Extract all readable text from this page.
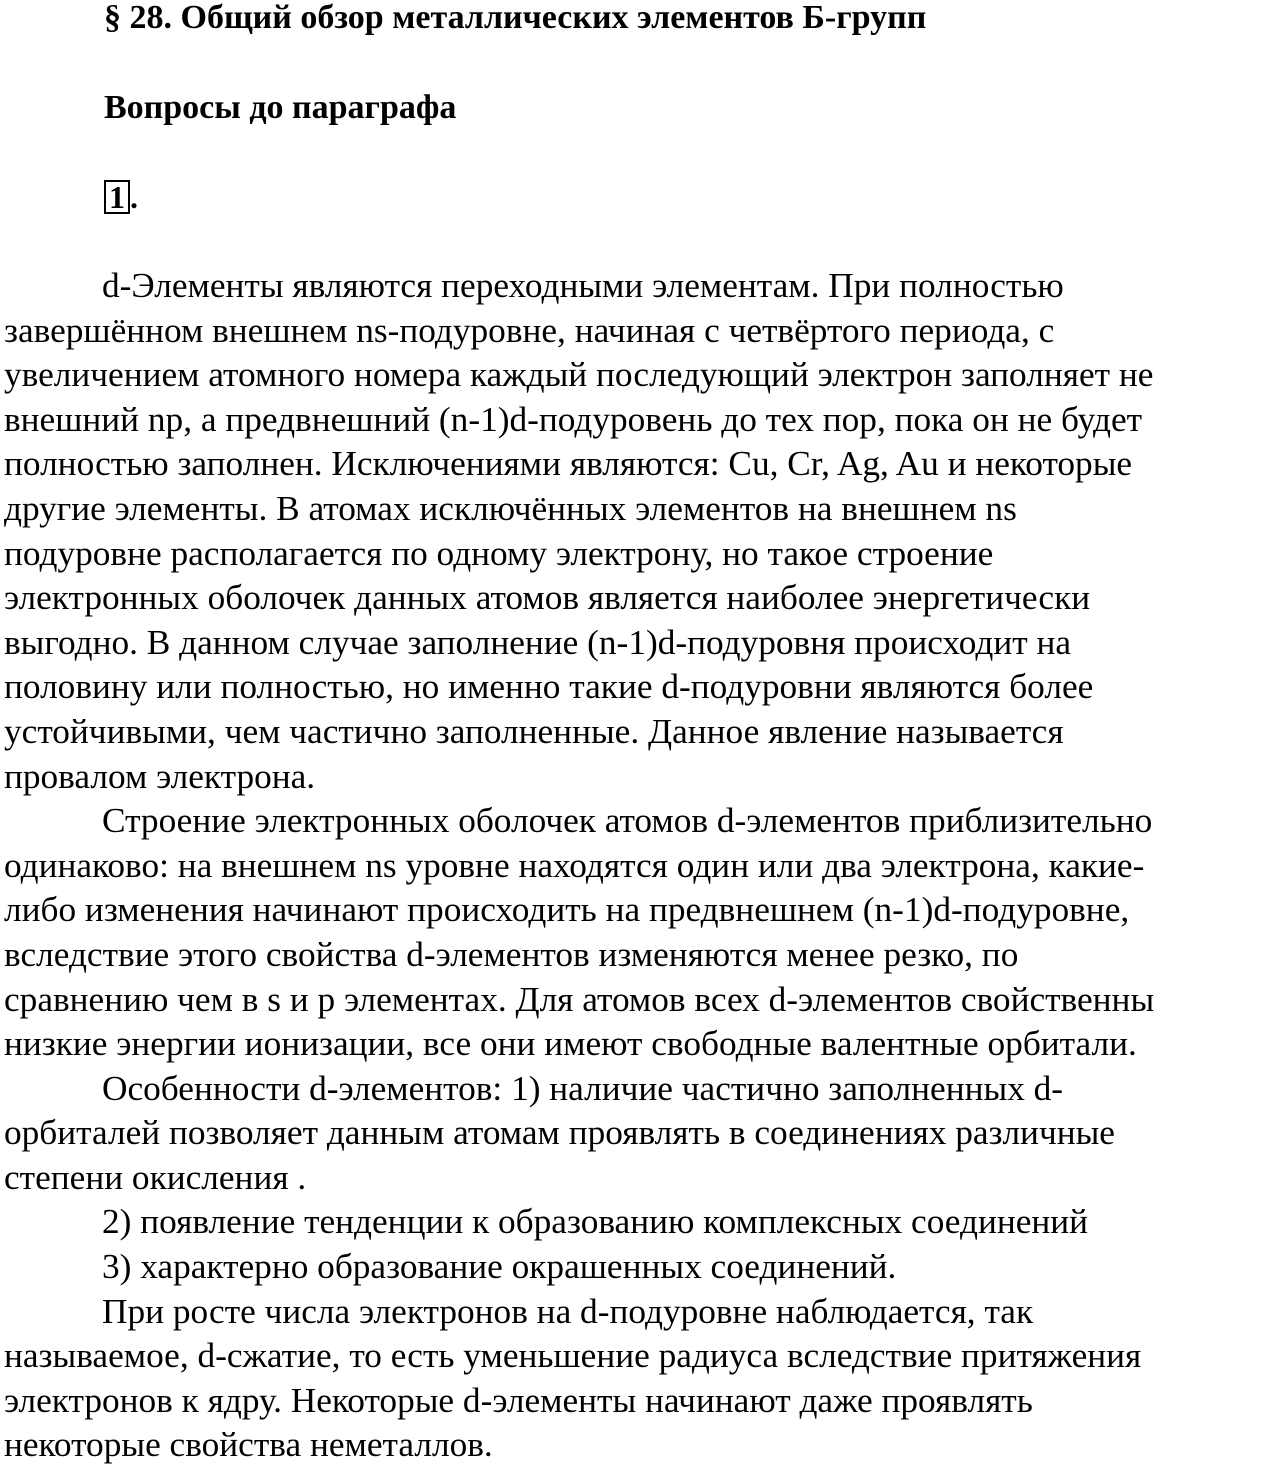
§ 28. Общий обзор металлических элементов Б-групп
Вопросы до параграфа
1 .
d-Элементы являются переходными элементам. При полностью
завершённом внешнем ns-подуровне, начиная с четвёртого периода, с
увеличением атомного номера каждый последующий электрон заполняет не
внешний np, а предвнешний (n-1)d-подуровень до тех пор, пока он не будет
полностью заполнен. Исключениями являются: Cu, Cr, Ag, Au и некоторые
другие элементы. В атомах исключённых элементов на внешнем ns
подуровне располагается по одному электрону, но такое строение
электронных оболочек данных атомов является наиболее энергетически
выгодно. В данном случае заполнение (n-1)d-подуровня происходит на
половину или полностью, но именно такие d-подуровни являются более
устойчивыми, чем частично заполненные. Данное явление называется
провалом электрона.
Строение электронных оболочек атомов d-элементов приблизительно
одинаково: на внешнем ns уровне находятся один или два электрона, какие-
либо изменения начинают происходить на предвнешнем (n-1)d-подуровне,
вследствие этого свойства d-элементов изменяются менее резко, по
сравнению чем в s и p элементах. Для атомов всех d-элементов свойственны
низкие энергии ионизации, все они имеют свободные валентные орбитали.
Особенности d-элементов: 1) наличие частично заполненных d-
орбиталей позволяет данным атомам проявлять в соединениях различные
степени окисления .
2) появление тенденции к образованию комплексных соединений
3) характерно образование окрашенных соединений.
При росте числа электронов на d-подуровне наблюдается, так
называемое, d-сжатие, то есть уменьшение радиуса вследствие притяжения
электронов к ядру. Некоторые d-элементы начинают даже проявлять
некоторые свойства неметаллов.
